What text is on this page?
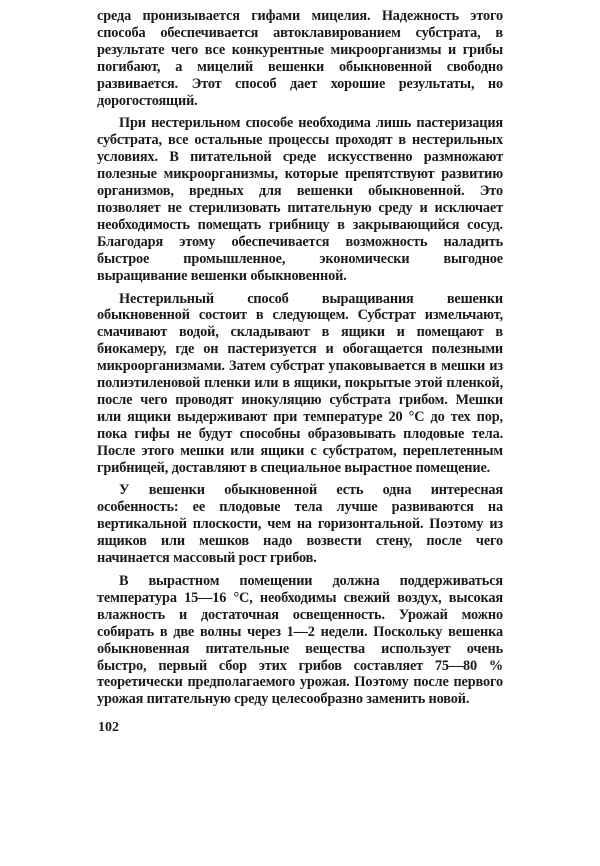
среда пронизывается гифами мицелия. Надежность этого способа обеспечивается автоклавированием субстрата, в результате чего все конкурентные микроорганизмы и грибы погибают, а мицелий вешенки обыкновенной свободно развивается. Этот способ дает хорошие результаты, но дорогостоящий.

При нестерильном способе необходима лишь пастеризация субстрата, все остальные процессы проходят в нестерильных условиях. В питательной среде искусственно размножают полезные микроорганизмы, которые препятствуют развитию организмов, вредных для вешенки обыкновенной. Это позволяет не стерилизовать питательную среду и исключает необходимость помещать грибницу в закрывающийся сосуд. Благодаря этому обеспечивается возможность наладить быстрое промышленное, экономически выгодное выращивание вешенки обыкновенной.

Нестерильный способ выращивания вешенки обыкновенной состоит в следующем. Субстрат измельчают, смачивают водой, складывают в ящики и помещают в биокамеру, где он пастеризуется и обогащается полезными микроорганизмами. Затем субстрат упаковывается в мешки из полиэтиленовой пленки или в ящики, покрытые этой пленкой, после чего проводят инокуляцию субстрата грибом. Мешки или ящики выдерживают при температуре 20 °С до тех пор, пока гифы не будут способны образовывать плодовые тела. После этого мешки или ящики с субстратом, переплетенным грибницей, доставляют в специальное вырастное помещение.

У вешенки обыкновенной есть одна интересная особенность: ее плодовые тела лучше развиваются на вертикальной плоскости, чем на горизонтальной. Поэтому из ящиков или мешков надо возвести стену, после чего начинается массовый рост грибов.

В вырастном помещении должна поддерживаться температура 15—16 °С, необходимы свежий воздух, высокая влажность и достаточная освещенность. Урожай можно собирать в две волны через 1—2 недели. Поскольку вешенка обыкновенная питательные вещества использует очень быстро, первый сбор этих грибов составляет 75—80 % теоретически предполагаемого урожая. Поэтому после первого урожая питательную среду целесообразно заменить новой.

102
